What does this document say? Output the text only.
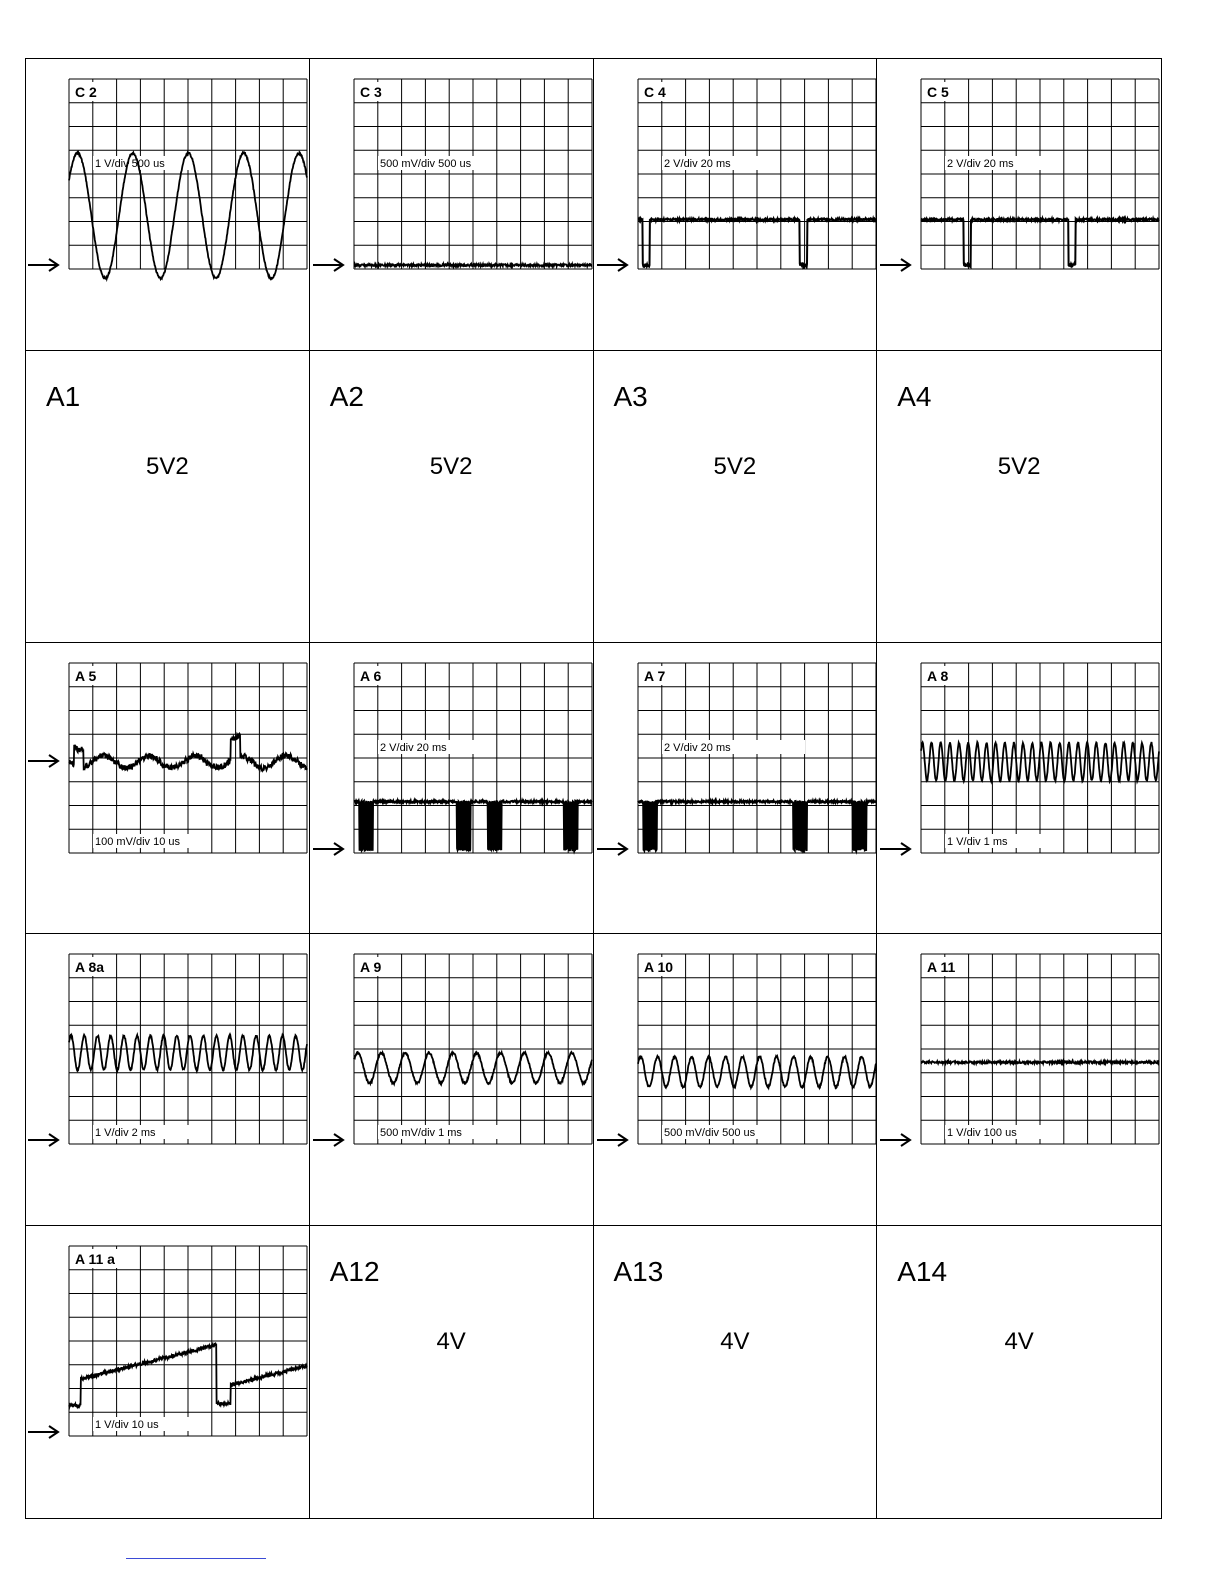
C 2
1 V/div 500 us
C 3
500 mV/div 500 us
C 4
2 V/div 20 ms
C 5
2 V/div 20 ms
A1
5V2
A2
5V2
A3
5V2
A4
5V2
A 5
100 mV/div 10 us
A 6
2 V/div 20 ms
A 7
2 V/div 20 ms
A 8
1 V/div 1 ms
A 8a
1 V/div 2 ms
A 9
500 mV/div 1 ms
A 10
500 mV/div 500 us
A 11
1 V/div 100 us
A 11 a
1 V/div 10 us
A12
4V
A13
4V
A14
4V
